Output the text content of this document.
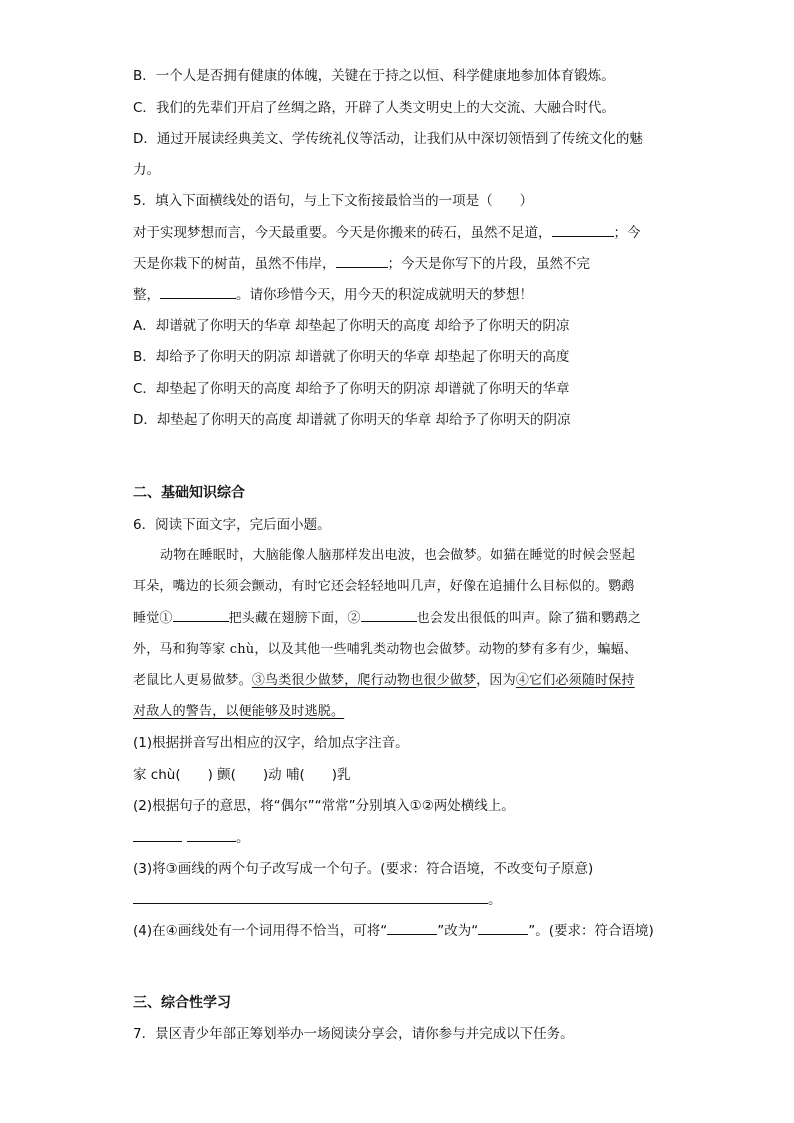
B．一个人是否拥有健康的体魄，关键在于持之以恒、科学健康地参加体育锻炼。
C．我们的先辈们开启了丝绸之路，开辟了人类文明史上的大交流、大融合时代。
D．通过开展读经典美文、学传统礼仪等活动，让我们从中深切领悟到了传统文化的魅
力。
5．填入下面横线处的语句，与上下文衔接最恰当的一项是（　　）
对于实现梦想而言，今天最重要。今天是你搬来的砖石，虽然不足道，	；今
天是你栽下的树苗，虽然不伟岸，	；今天是你写下的片段，虽然不完
整，	。请你珍惜今天，用今天的积淀成就明天的梦想！
A．却谱就了你明天的华章 却垫起了你明天的高度 却给予了你明天的阴凉
B．却给予了你明天的阴凉 却谱就了你明天的华章 却垫起了你明天的高度
C．却垫起了你明天的高度 却给予了你明天的阴凉 却谱就了你明天的华章
D．却垫起了你明天的高度 却谱就了你明天的华章 却给予了你明天的阴凉
二、基础知识综合
6．阅读下面文字，完后面小题。
动物在睡眠时，大脑能像人脑那样发出电波，也会做梦。如猫在睡觉的时候会竖起
耳朵，嘴边的长须会颤动，有时它还会轻轻地叫几声，好像在追捕什么目标似的。鹦鹉
睡觉①	把头藏在翅膀下面，②	也会发出很低的叫声。除了猫和鹦鹉之
外，马和狗等家 chù，以及其他一些哺乳类动物也会做梦。动物的梦有多有少，蝙蝠、
老鼠比人更易做梦。③鸟类很少做梦，爬行动物也很少做梦，因为④它们必须随时保持
对敌人的警告，以便能够及时逃脱。
(1)根据拼音写出相应的汉字，给加点字注音。
家 chù(　　) 颤(　　)动 哺(　　)乳
(2)根据句子的意思，将“偶尔”“常常”分别填入①②两处横线上。
。
(3)将③画线的两个句子改写成一个句子。(要求：符合语境，不改变句子原意)
。
(4)在④画线处有一个词用得不恰当，可将“	”改为“	”。(要求：符合语境)
三、综合性学习
7．景区青少年部正筹划举办一场阅读分享会，请你参与并完成以下任务。
